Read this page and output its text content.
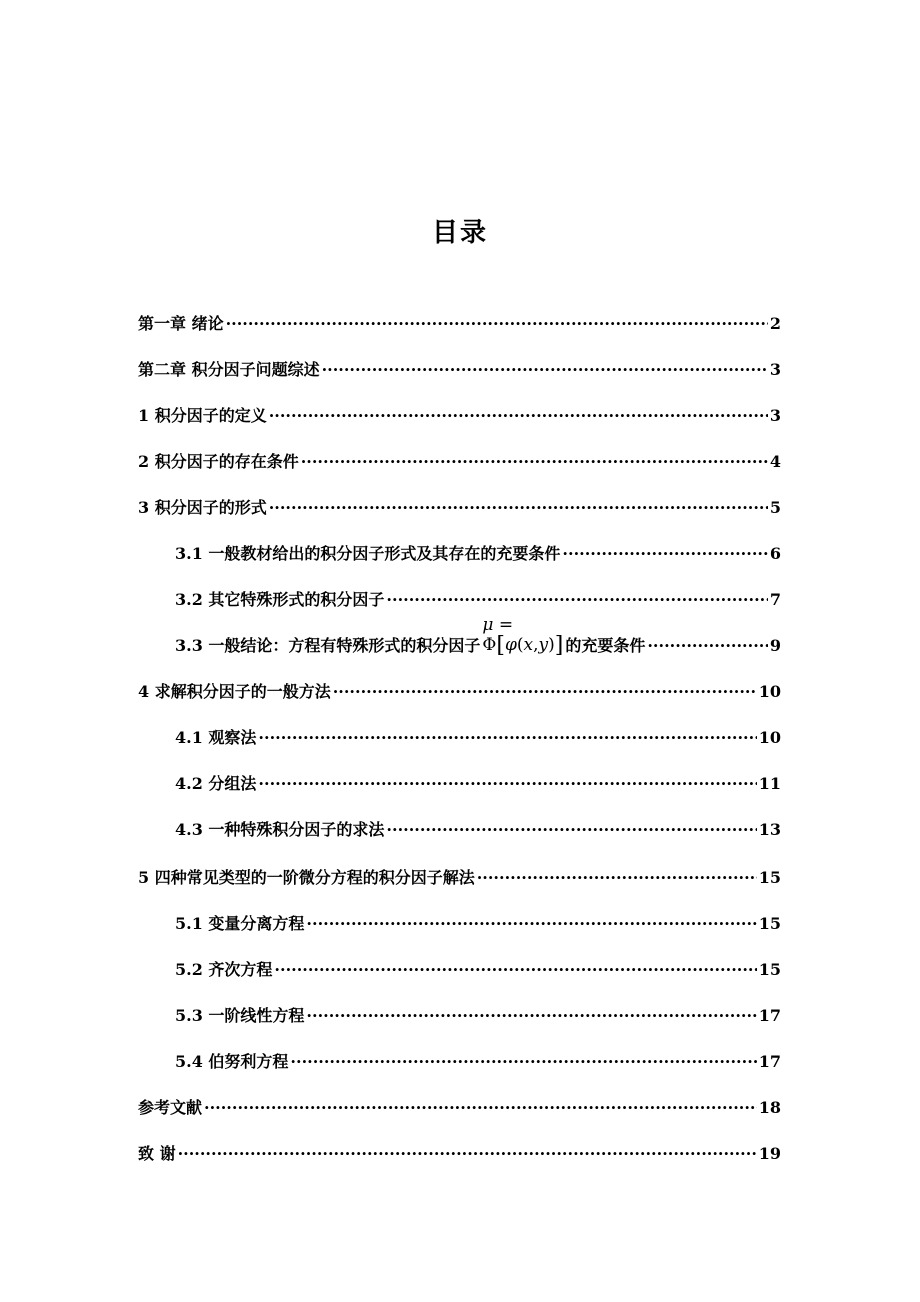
目录
第一章 绪论 ·····	2
第二章 积分因子问题综述 ·····	3
1 积分因子的定义 ·····	3
2 积分因子的存在条件 ·····	4
3 积分因子的形式 ·····	5
3.1 一般教材给出的积分因子形式及其存在的充要条件 ·····	6
3.2 其它特殊形式的积分因子 ·····	7
3.3 一般结论：方程有特殊形式的积分因子
μ = Φ[φ(x,y)] 的充要条件 ·····	9
4 求解积分因子的一般方法 ·····	10
4.1 观察法 ·····	10
4.2 分组法 ·····	11
4.3 一种特殊积分因子的求法 ·····	13
5 四种常见类型的一阶微分方程的积分因子解法 ·····	15
5.1 变量分离方程 ·····	15
5.2 齐次方程 ·····	15
5.3 一阶线性方程 ·····	17
5.4 伯努利方程 ·····	17
参考文献 ·····	18
致 谢 ·····	19
